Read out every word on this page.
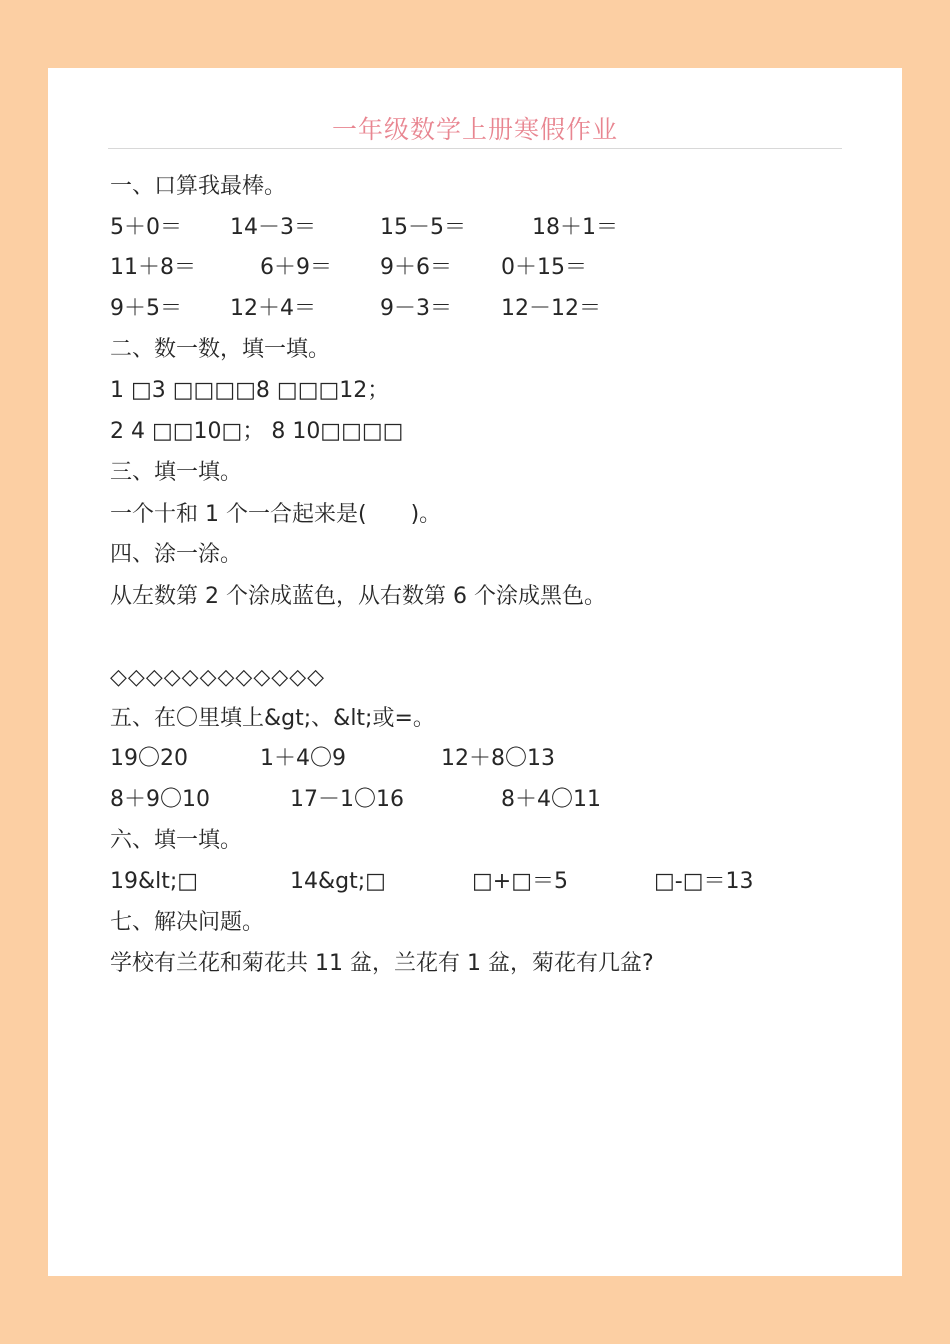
一年级数学上册寒假作业
一、口算我最棒。
5＋0＝ 14－3＝	15－5＝	18＋1＝
11＋8＝	6＋9＝ 9＋6＝ 0＋15＝
9＋5＝ 12＋4＝	9－3＝ 12－12＝
二、数一数，填一填。
1 □3 □□□□8 □□□12；
2 4 □□10□； 8 10□□□□
三、填一填。
一个十和 1 个一合起来是(　　)。
四、涂一涂。
从左数第 2 个涂成蓝色，从右数第 6 个涂成黑色。
◇◇◇◇◇◇◇◇◇◇◇◇
五、在〇里填上&gt;、&lt;或=。
19〇20	1＋4〇9	12＋8〇13
8＋9〇10	17－1〇16	8＋4〇11
六、填一填。
19&lt;□	14&gt;□	□+□＝5	□-□＝13
七、解决问题。
学校有兰花和菊花共 11 盆，兰花有 1 盆，菊花有几盆?
